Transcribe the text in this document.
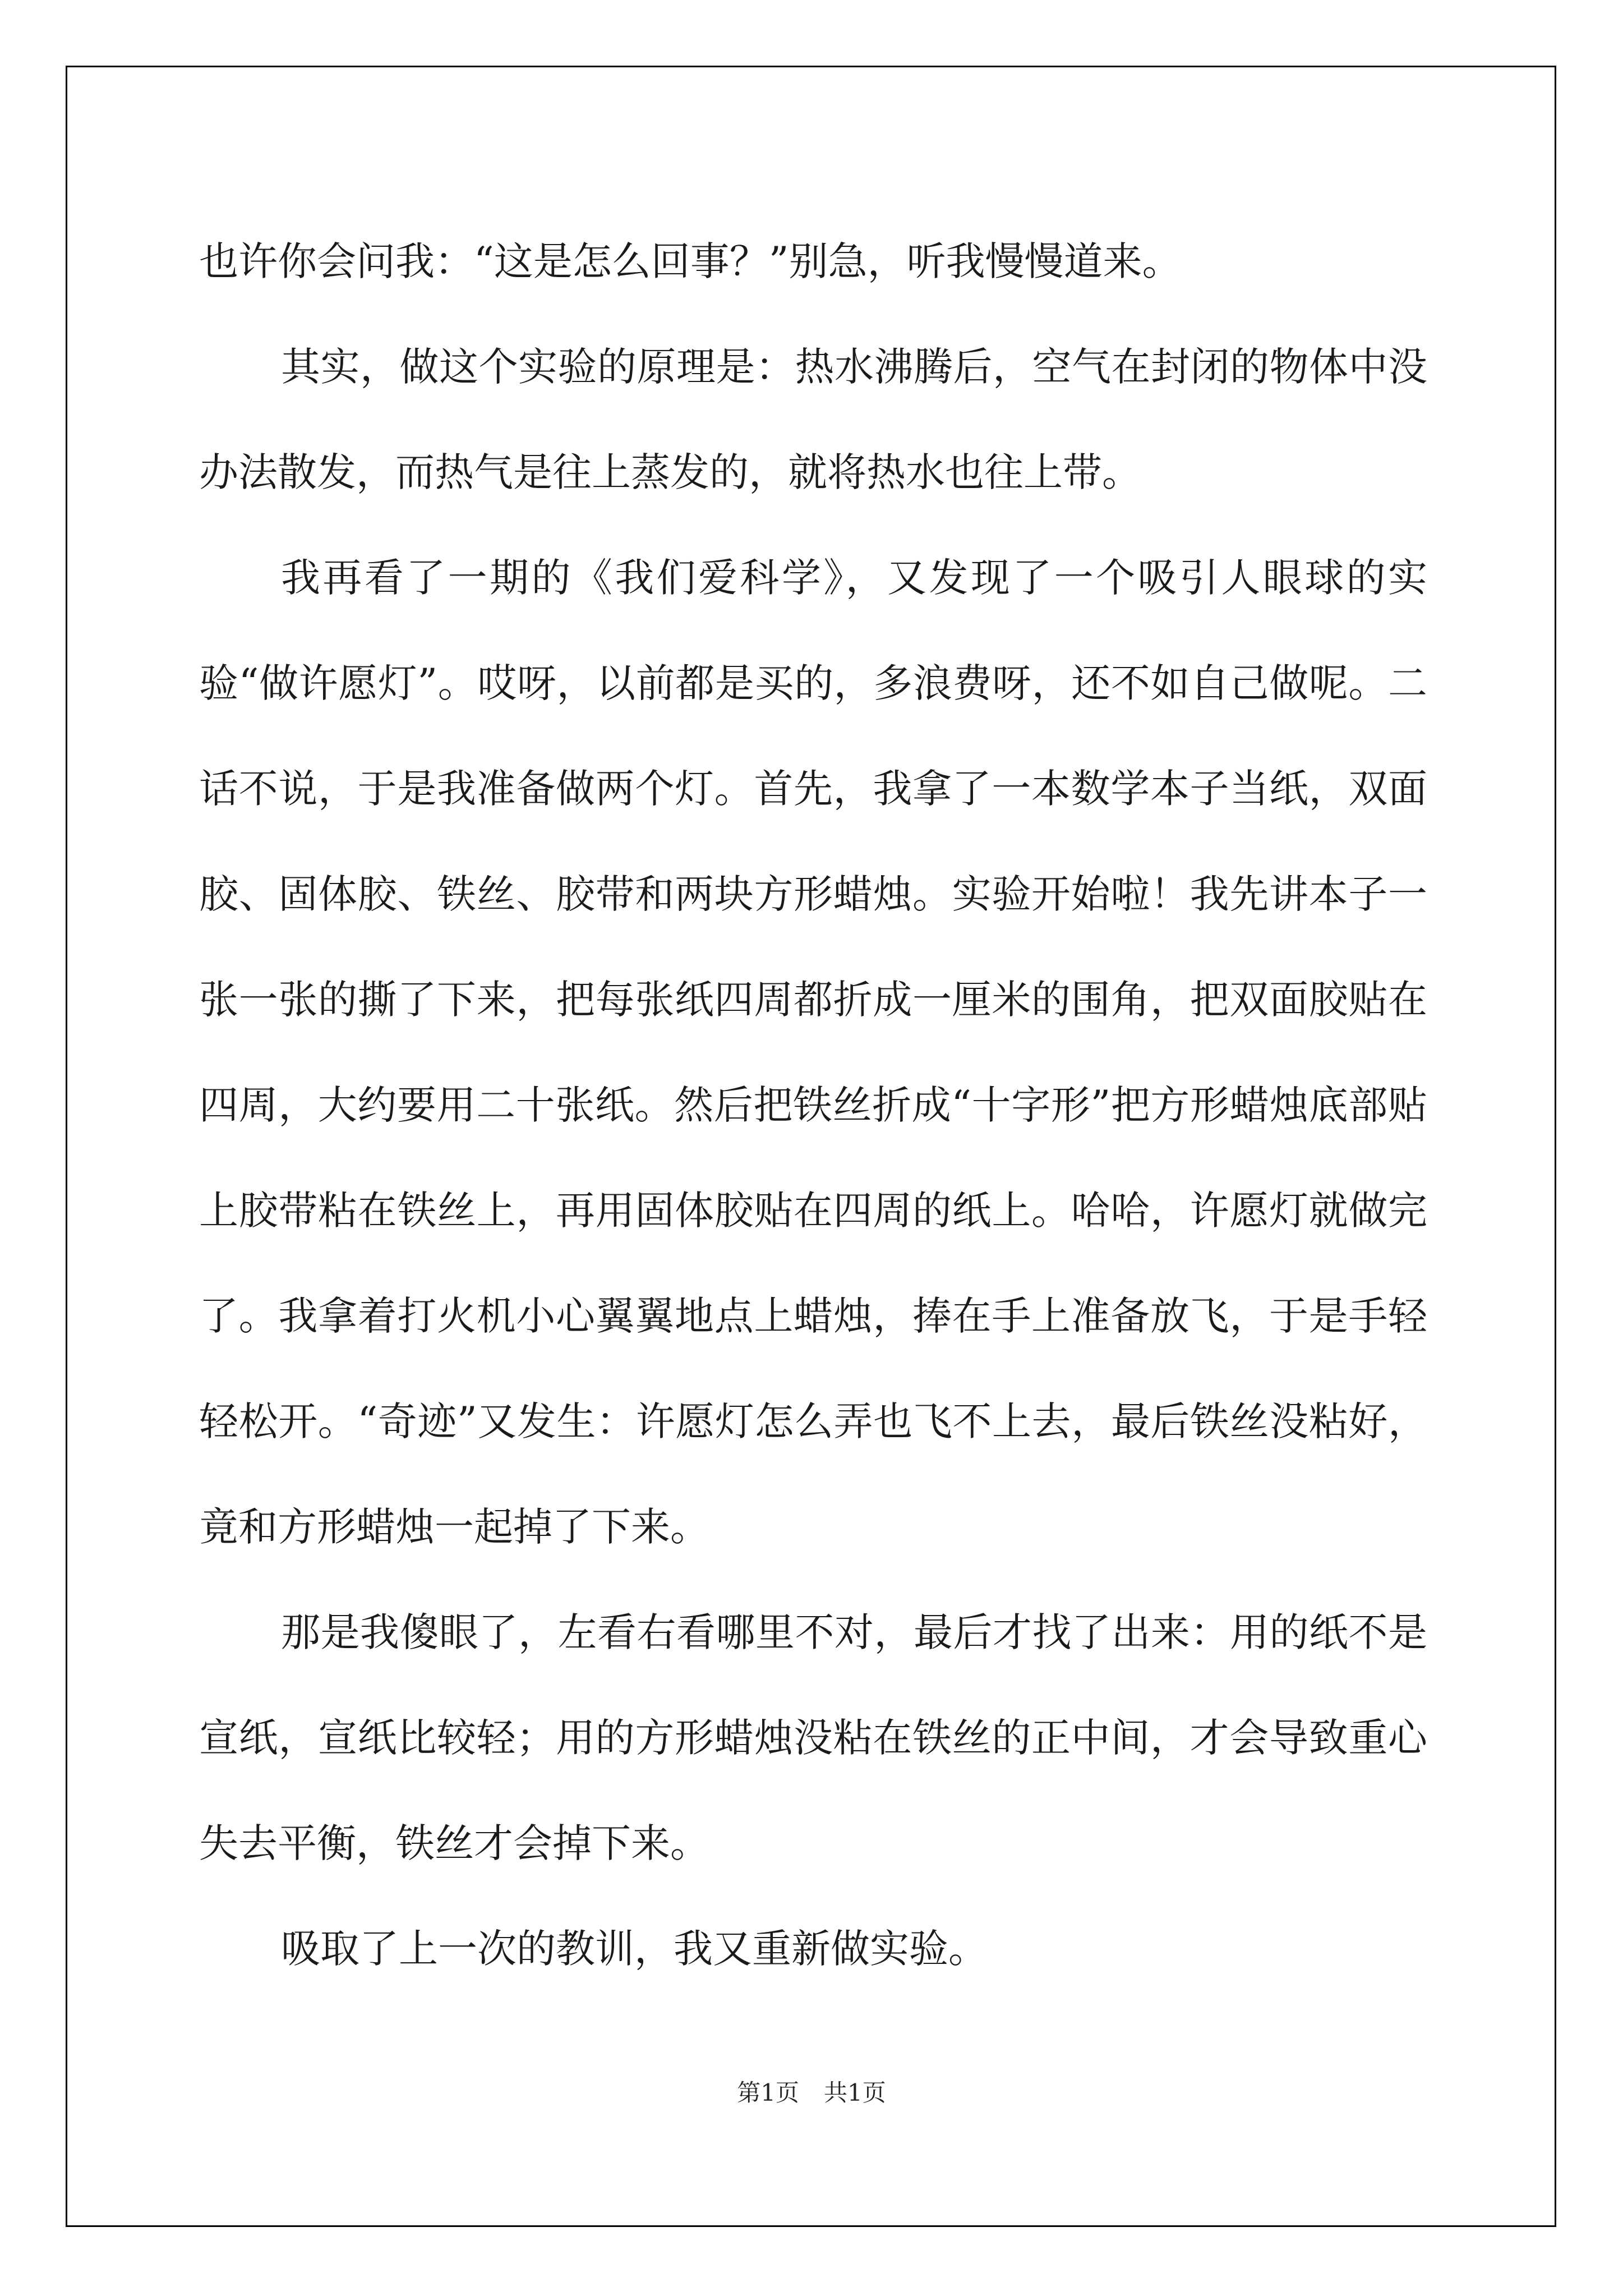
也许你会问我：“这是怎么回事？”别急，听我慢慢道来。

其实，做这个实验的原理是：热水沸腾后，空气在封闭的物体中没办法散发，而热气是往上蒸发的，就将热水也往上带。

我再看了一期的《我们爱科学》，又发现了一个吸引人眼球的实验“做许愿灯”。哎呀，以前都是买的，多浪费呀，还不如自己做呢。二话不说，于是我准备做两个灯。首先，我拿了一本数学本子当纸，双面胶、固体胶、铁丝、胶带和两块方形蜡烛。实验开始啦！我先讲本子一张一张的撕了下来，把每张纸四周都折成一厘米的围角，把双面胶贴在四周，大约要用二十张纸。然后把铁丝折成“十字形”把方形蜡烛底部贴上胶带粘在铁丝上，再用固体胶贴在四周的纸上。哈哈，许愿灯就做完了。我拿着打火机小心翼翼地点上蜡烛，捧在手上准备放飞，于是手轻轻松开。“奇迹”又发生：许愿灯怎么弄也飞不上去，最后铁丝没粘好，竟和方形蜡烛一起掉了下来。

那是我傻眼了，左看右看哪里不对，最后才找了出来：用的纸不是宣纸，宣纸比较轻；用的方形蜡烛没粘在铁丝的正中间，才会导致重心失去平衡，铁丝才会掉下来。

吸取了上一次的教训，我又重新做实验。

第1页 共1页
